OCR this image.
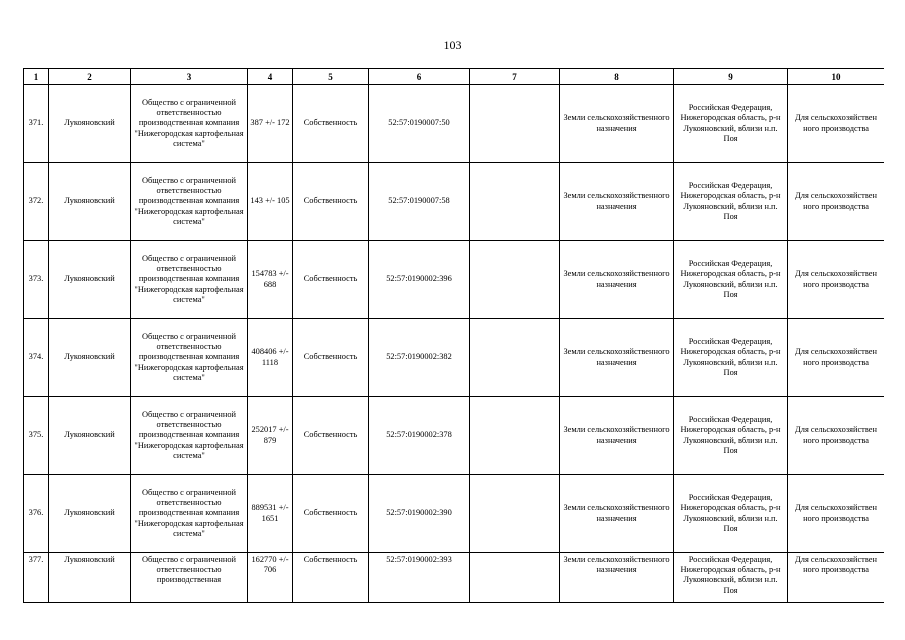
103
1	2	3	4	5	6	7	8	9	10
371.	Лукояновский	Общество с ограниченной ответственностью производственная компания "Нижегородская картофельная система"	387 +/- 172	Собственность	52:57:0190007:50		Земли сельскохозяйственного назначения	Российская Федерация, Нижегородская область, р-н Лукояновский, вблизи н.п. Поя	Для сельскохозяйствен ного производства
372.	Лукояновский	Общество с ограниченной ответственностью производственная компания "Нижегородская картофельная система"	143 +/- 105	Собственность	52:57:0190007:58		Земли сельскохозяйственного назначения	Российская Федерация, Нижегородская область, р-н Лукояновский, вблизи н.п. Поя	Для сельскохозяйствен ного производства
373.	Лукояновский	Общество с ограниченной ответственностью производственная компания "Нижегородская картофельная система"	154783 +/- 688	Собственность	52:57:0190002:396		Земли сельскохозяйственного назначения	Российская Федерация, Нижегородская область, р-н Лукояновский, вблизи н.п. Поя	Для сельскохозяйствен ного производства
374.	Лукояновский	Общество с ограниченной ответственностью производственная компания "Нижегородская картофельная система"	408406 +/- 1118	Собственность	52:57:0190002:382		Земли сельскохозяйственного назначения	Российская Федерация, Нижегородская область, р-н Лукояновский, вблизи н.п. Поя	Для сельскохозяйствен ного производства
375.	Лукояновский	Общество с ограниченной ответственностью производственная компания "Нижегородская картофельная система"	252017 +/- 879	Собственность	52:57:0190002:378		Земли сельскохозяйственного назначения	Российская Федерация, Нижегородская область, р-н Лукояновский, вблизи н.п. Поя	Для сельскохозяйствен ного производства
376.	Лукояновский	Общество с ограниченной ответственностью производственная компания "Нижегородская картофельная система"	889531 +/- 1651	Собственность	52:57:0190002:390		Земли сельскохозяйственного назначения	Российская Федерация, Нижегородская область, р-н Лукояновский, вблизи н.п. Поя	Для сельскохозяйствен ного производства
377.	Лукояновский	Общество с ограниченной ответственностью производственная	162770 +/- 706	Собственность	52:57:0190002:393		Земли сельскохозяйственного назначения	Российская Федерация, Нижегородская область, р-н Лукояновский, вблизи н.п. Поя	Для сельскохозяйствен ного производства
